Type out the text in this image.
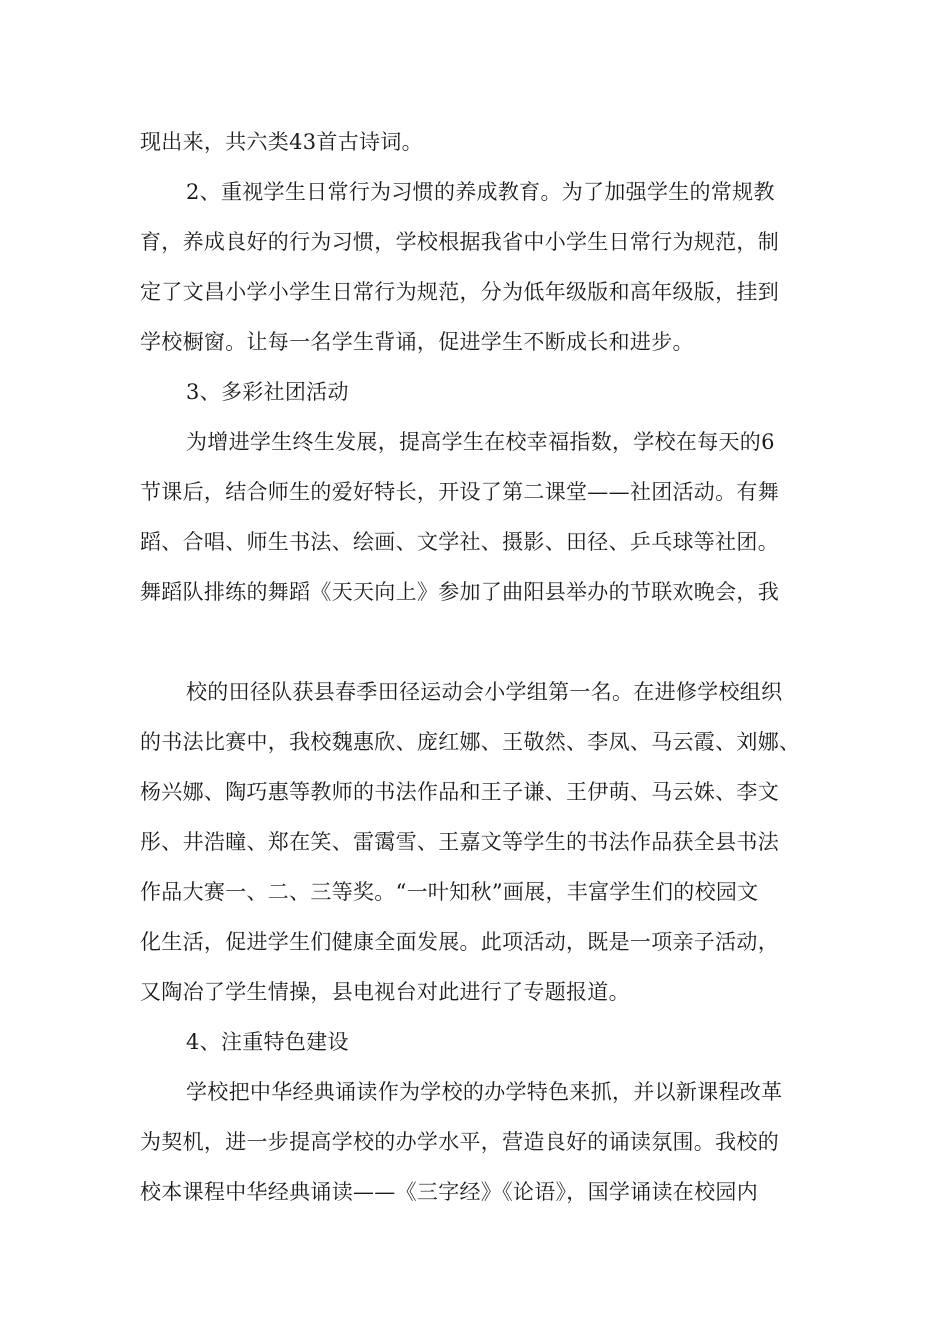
现出来，共六类43首古诗词。
2、重视学生日常行为习惯的养成教育。为了加强学生的常规教
育，养成良好的行为习惯，学校根据我省中小学生日常行为规范，制
定了文昌小学小学生日常行为规范，分为低年级版和高年级版，挂到
学校橱窗。让每一名学生背诵，促进学生不断成长和进步。
3、多彩社团活动
为增进学生终生发展，提高学生在校幸福指数，学校在每天的6
节课后，结合师生的爱好特长，开设了第二课堂——社团活动。有舞
蹈、合唱、师生书法、绘画、文学社、摄影、田径、乒乓球等社团。
舞蹈队排练的舞蹈《天天向上》参加了曲阳县举办的节联欢晚会，我
校的田径队获县春季田径运动会小学组第一名。在进修学校组织
的书法比赛中，我校魏惠欣、庞红娜、王敬然、李凤、马云霞、刘娜、
杨兴娜、陶巧惠等教师的书法作品和王子谦、王伊萌、马云姝、李文
彤、井浩瞳、郑在笑、雷霭雪、王嘉文等学生的书法作品获全县书法
作品大赛一、二、三等奖。“一叶知秋”画展，丰富学生们的校园文
化生活，促进学生们健康全面发展。此项活动，既是一项亲子活动，
又陶冶了学生情操，县电视台对此进行了专题报道。
4、注重特色建设
学校把中华经典诵读作为学校的办学特色来抓，并以新课程改革
为契机，进一步提高学校的办学水平，营造良好的诵读氛围。我校的
校本课程中华经典诵读——《三字经》《论语》，国学诵读在校园内
